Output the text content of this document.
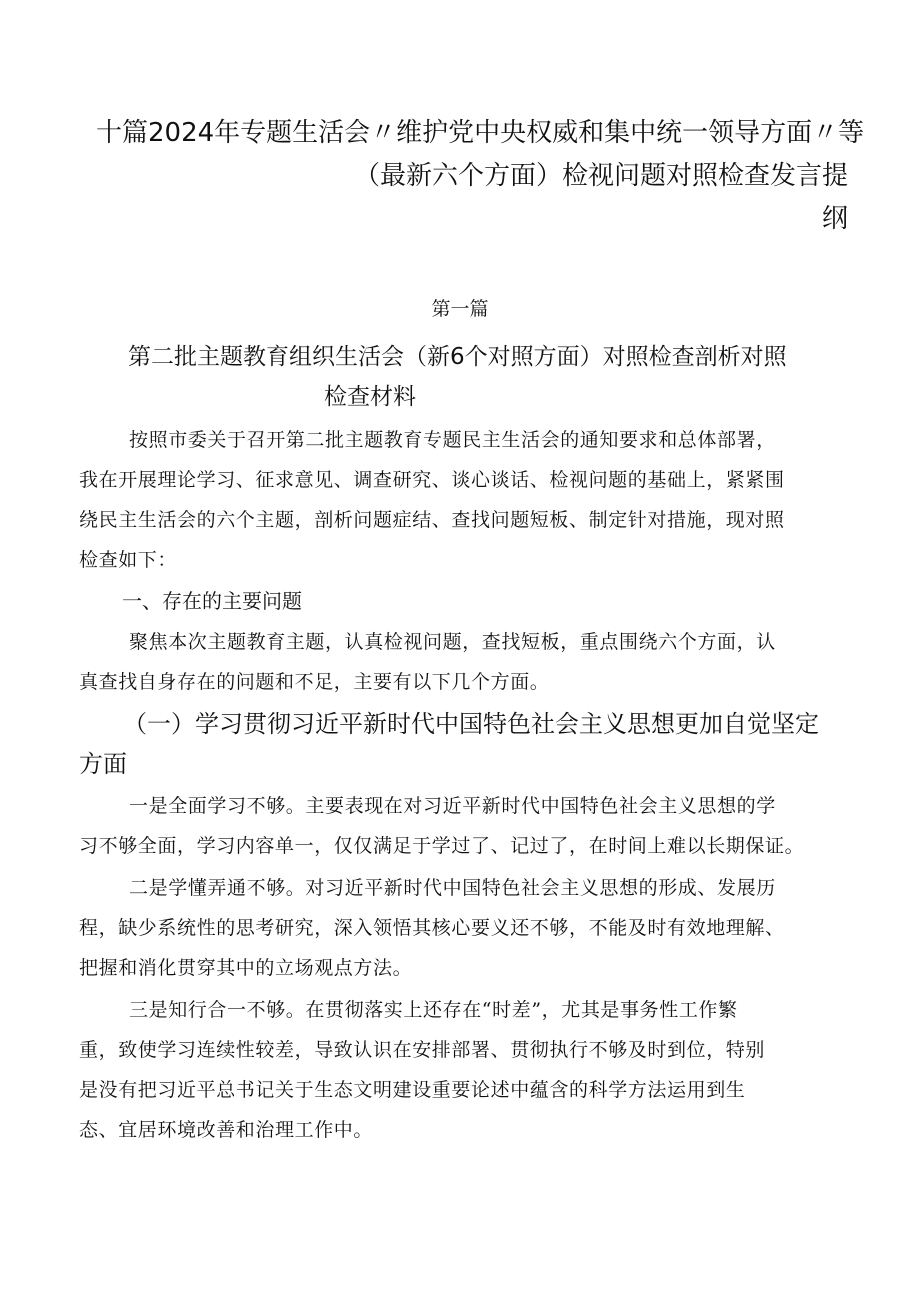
十篇2024年专题生活会〃维护党中央权威和集中统一领导方面〃等
（最新六个方面）检视问题对照检查发言提
纲
第一篇
第二批主题教育组织生活会（新6个对照方面）对照检查剖析对照
检查材料
按照市委关于召开第二批主题教育专题民主生活会的通知要求和总体部署，
我在开展理论学习、征求意见、调查研究、谈心谈话、检视问题的基础上，紧紧围
绕民主生活会的六个主题，剖析问题症结、查找问题短板、制定针对措施，现对照
检查如下：
一、存在的主要问题
聚焦本次主题教育主题，认真检视问题，查找短板，重点围绕六个方面，认
真查找自身存在的问题和不足，主要有以下几个方面。
（一）学习贯彻习近平新时代中国特色社会主义思想更加自觉坚定
方面
一是全面学习不够。主要表现在对习近平新时代中国特色社会主义思想的学
习不够全面，学习内容单一，仅仅满足于学过了、记过了，在时间上难以长期保证。
二是学懂弄通不够。对习近平新时代中国特色社会主义思想的形成、发展历
程，缺少系统性的思考研究，深入领悟其核心要义还不够，不能及时有效地理解、
把握和消化贯穿其中的立场观点方法。
三是知行合一不够。在贯彻落实上还存在“时差”，尤其是事务性工作繁
重，致使学习连续性较差，导致认识在安排部署、贯彻执行不够及时到位，特别
是没有把习近平总书记关于生态文明建设重要论述中蕴含的科学方法运用到生
态、宜居环境改善和治理工作中。
